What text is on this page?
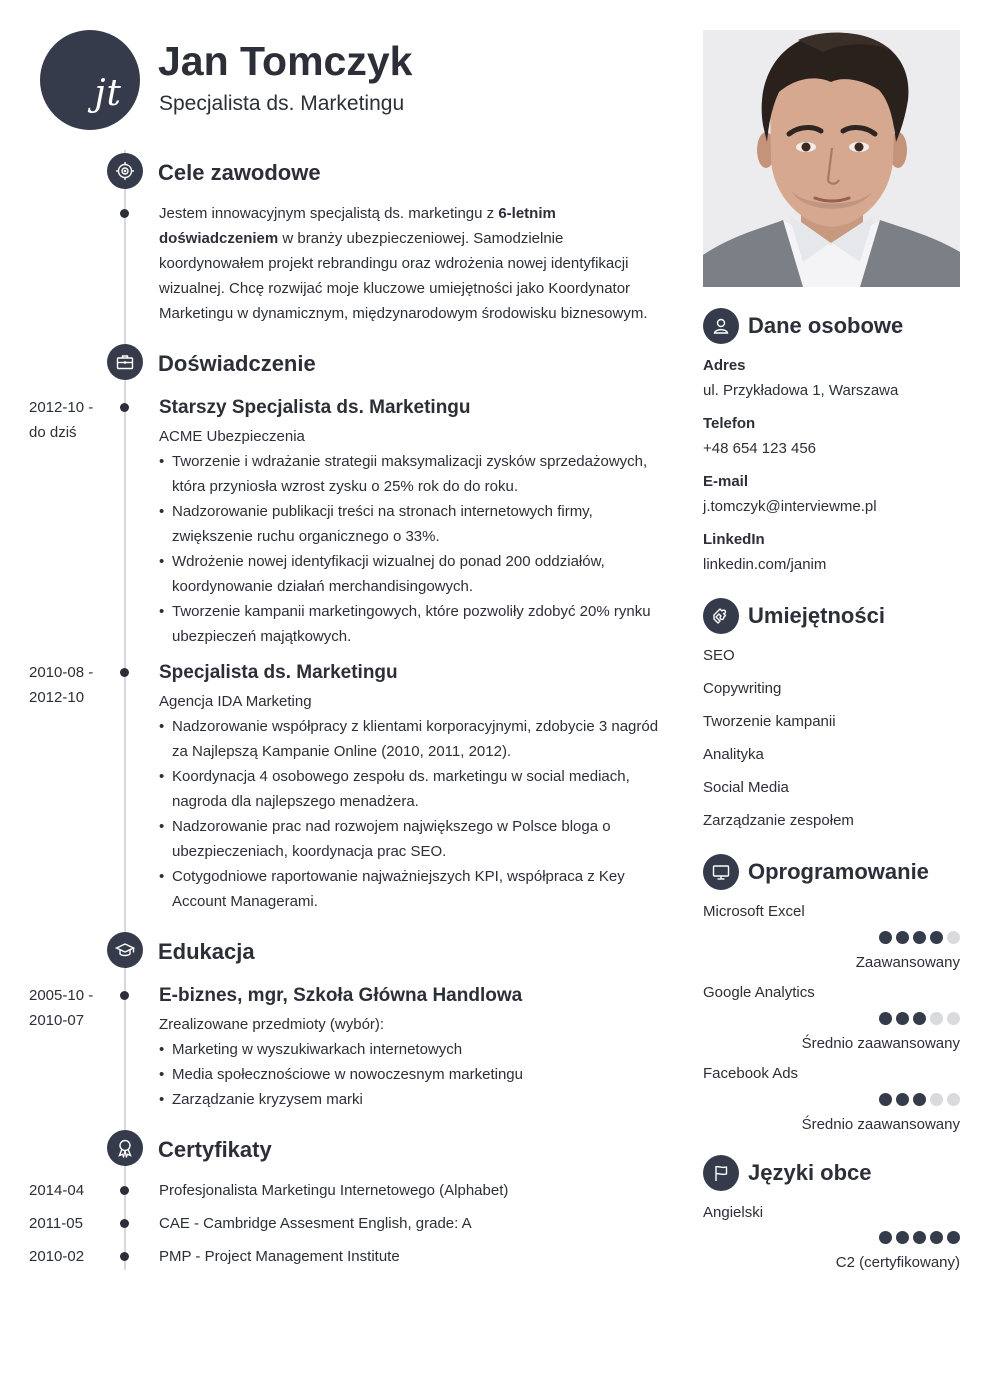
jt
Jan Tomczyk
Specjalista ds. Marketingu
Cele zawodowe
Jestem innowacyjnym specjalistą ds. marketingu z 6-letnim doświadczeniem w branży ubezpieczeniowej. Samodzielnie koordynowałem projekt rebrandingu oraz wdrożenia nowej identyfikacji wizualnej. Chcę rozwijać moje kluczowe umiejętności jako Koordynator Marketingu w dynamicznym, międzynarodowym środowisku biznesowym.
Doświadczenie
2012-10 -
do dziś
Starszy Specjalista ds. Marketingu
ACME Ubezpieczenia
• Tworzenie i wdrażanie strategii maksymalizacji zysków sprzedażowych, która przyniosła wzrost zysku o 25% rok do do roku.
• Nadzorowanie publikacji treści na stronach internetowych firmy, zwiększenie ruchu organicznego o 33%.
• Wdrożenie nowej identyfikacji wizualnej do ponad 200 oddziałów, koordynowanie działań merchandisingowych.
• Tworzenie kampanii marketingowych, które pozwoliły zdobyć 20% rynku ubezpieczeń majątkowych.
2010-08 -
2012-10
Specjalista ds. Marketingu
Agencja IDA Marketing
• Nadzorowanie współpracy z klientami korporacyjnymi, zdobycie 3 nagród za Najlepszą Kampanie Online (2010, 2011, 2012).
• Koordynacja 4 osobowego zespołu ds. marketingu w social mediach, nagroda dla najlepszego menadżera.
• Nadzorowanie prac nad rozwojem największego w Polsce bloga o ubezpieczeniach, koordynacja prac SEO.
• Cotygodniowe raportowanie najważniejszych KPI, współpraca z Key Account Managerami.
Edukacja
2005-10 -
2010-07
E-biznes, mgr, Szkoła Główna Handlowa
Zrealizowane przedmioty (wybór):
• Marketing w wyszukiwarkach internetowych
• Media społecznościowe w nowoczesnym marketingu
• Zarządzanie kryzysem marki
Certyfikaty
2014-04	Profesjonalista Marketingu Internetowego (Alphabet)
2011-05	CAE - Cambridge Assesment English, grade: A
2010-02	PMP - Project Management Institute
Dane osobowe
Adres
ul. Przykładowa 1, Warszawa
Telefon
+48 654 123 456
E-mail
j.tomczyk@interviewme.pl
LinkedIn
linkedin.com/janim
Umiejętności
SEO
Copywriting
Tworzenie kampanii
Analityka
Social Media
Zarządzanie zespołem
Oprogramowanie
Microsoft Excel
Zaawansowany
Google Analytics
Średnio zaawansowany
Facebook Ads
Średnio zaawansowany
Języki obce
Angielski
C2 (certyfikowany)
